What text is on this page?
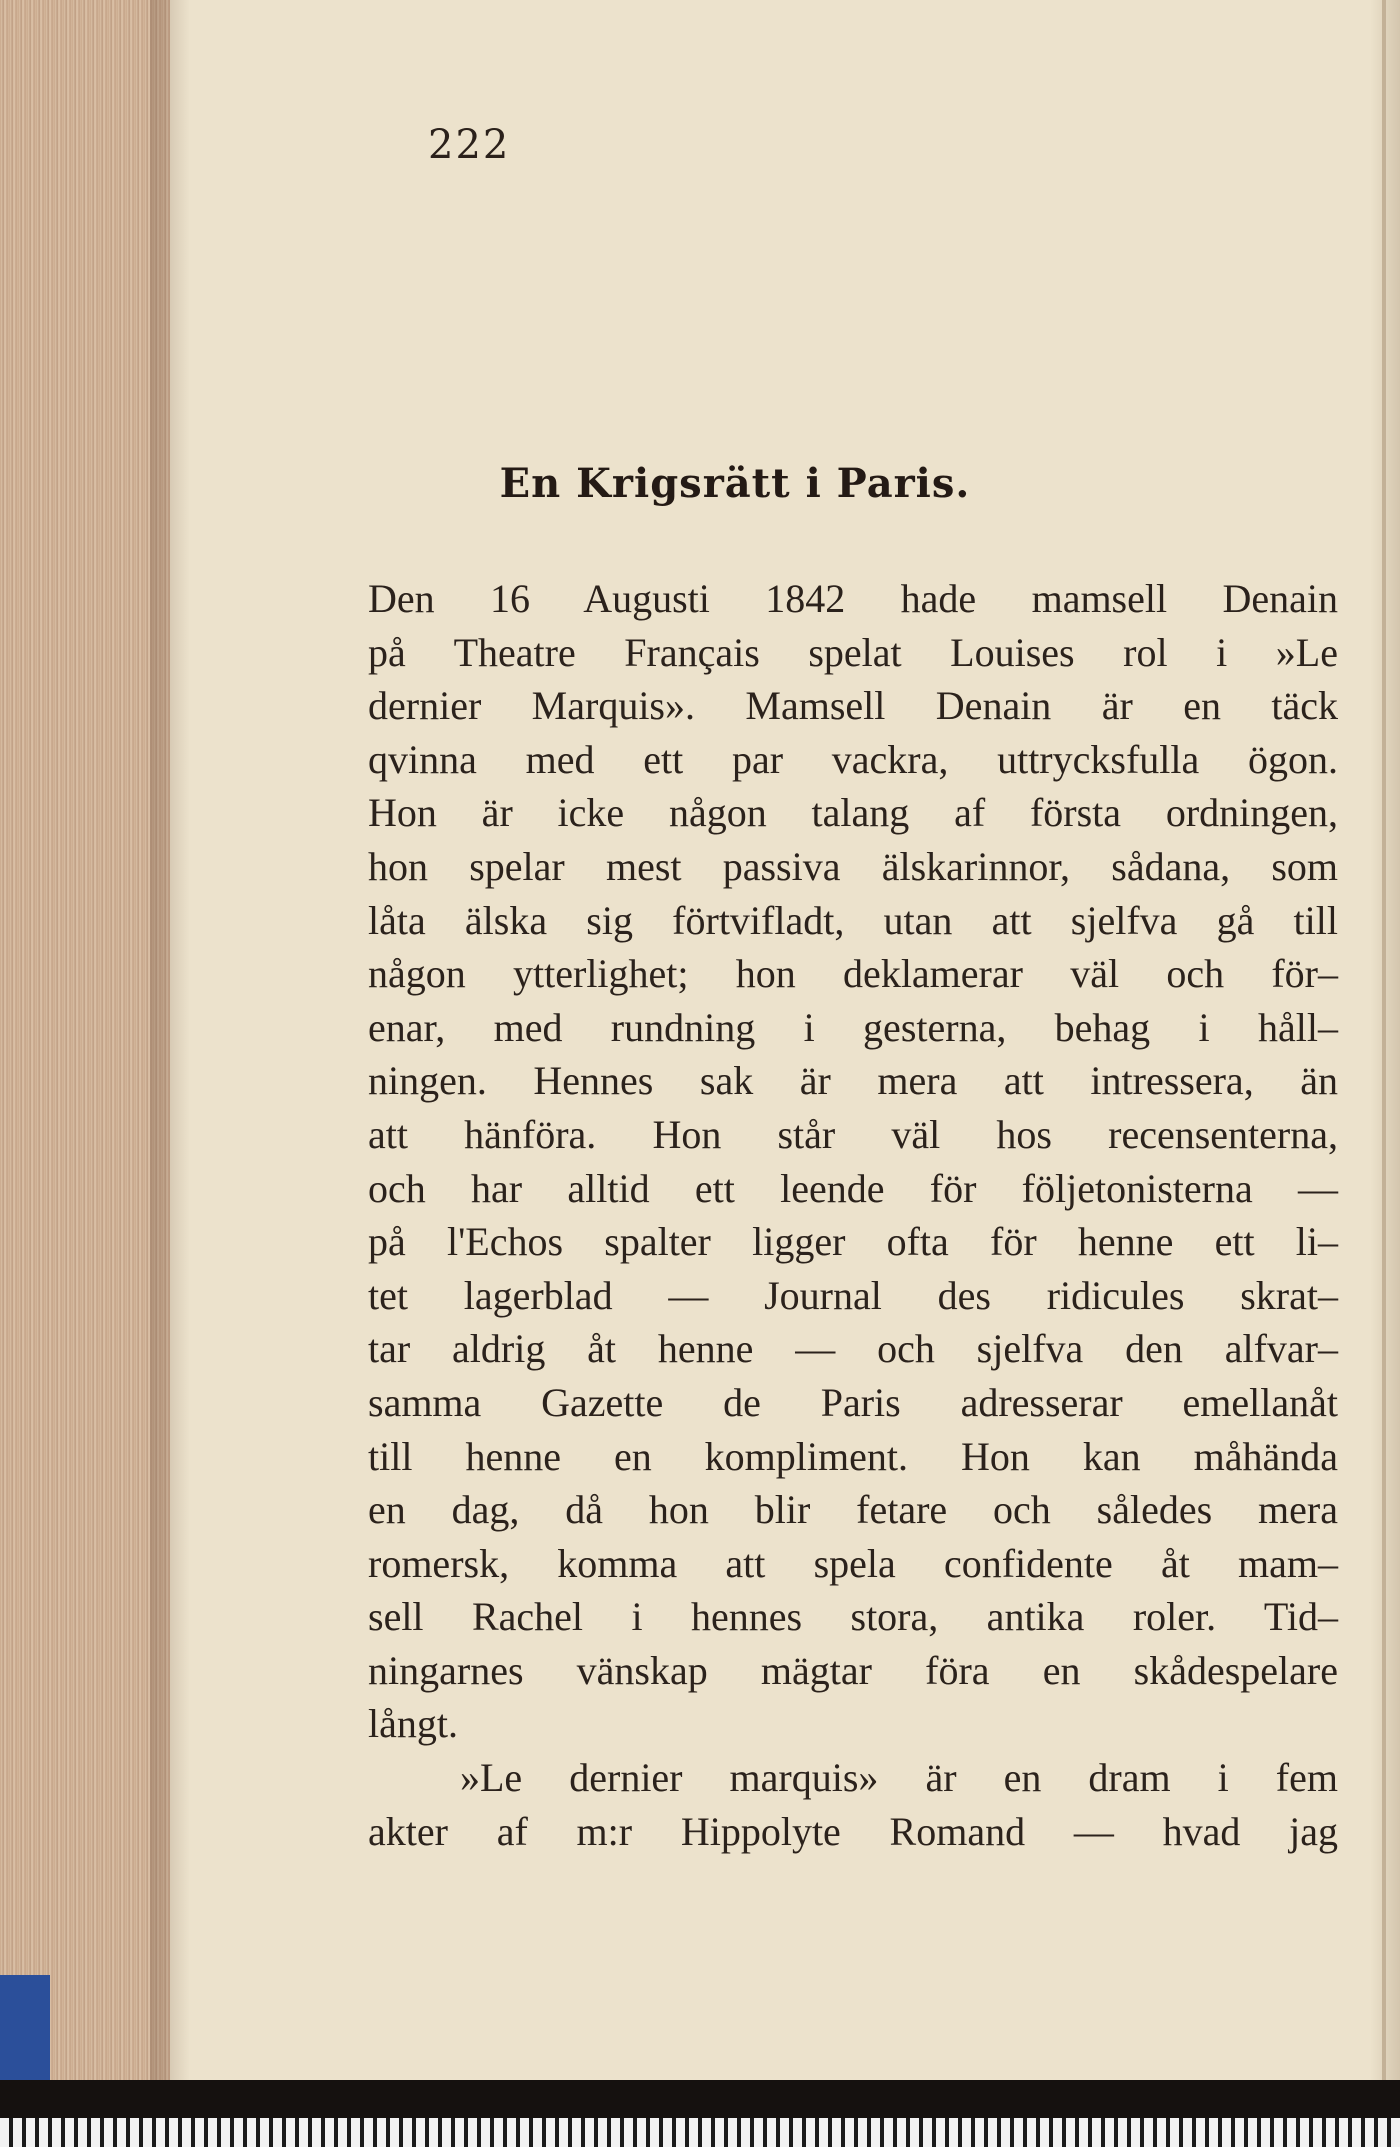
222

En Krigsrätt i Paris.
Den 16 Augusti 1842 hade mamsell Denain
på Theatre Français spelat Louises rol i »Le
dernier Marquis». Mamsell Denain är en täck
qvinna med ett par vackra, uttrycksfulla ögon.
Hon är icke någon talang af första ordningen,
hon spelar mest passiva älskarinnor, sådana, som
låta älska sig förtvifladt, utan att sjelfva gå till
någon ytterlighet; hon deklamerar väl och för–
enar, med rundning i gesterna, behag i håll–
ningen. Hennes sak är mera att intressera, än
att hänföra. Hon står väl hos recensenterna,
och har alltid ett leende för följetonisterna —
på l'Echos spalter ligger ofta för henne ett li–
tet lagerblad — Journal des ridicules skrat–
tar aldrig åt henne — och sjelfva den alfvar–
samma Gazette de Paris adresserar emellanåt
till henne en kompliment. Hon kan måhända
en dag, då hon blir fetare och således mera
romersk, komma att spela confidente åt mam–
sell Rachel i hennes stora, antika roler. Tid–
ningarnes vänskap mägtar föra en skådespelare
långt.
»Le dernier marquis» är en dram i fem
akter af m:r Hippolyte Romand — hvad jag
